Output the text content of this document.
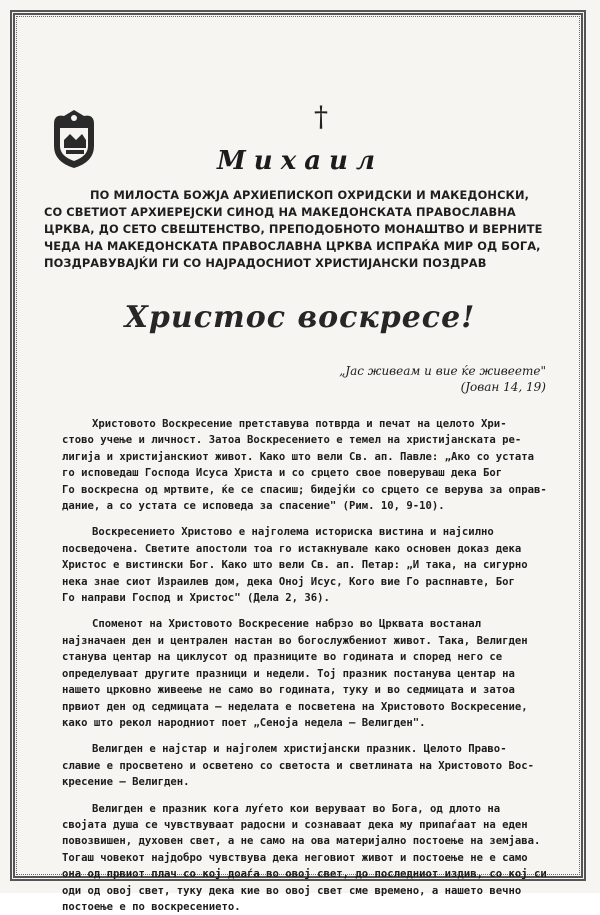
†
Михаил
ПО МИЛОСТА БОЖЈА АРХИЕПИСКОП ОХРИДСКИ И МАКЕДОНСКИ,
СО СВЕТИОТ АРХИЕРЕЈСКИ СИНОД НА МАКЕДОНСКАТА ПРАВОСЛАВНА
ЦРКВА, ДО СЕТО СВЕШТЕНСТВО, ПРЕПОДОБНОТО МОНАШТВО И ВЕРНИТЕ
ЧЕДА НА МАКЕДОНСКАТА ПРАВОСЛАВНА ЦРКВА ИСПРАЌА МИР ОД БОГА,
ПОЗДРАВУВАЈЌИ ГИ СО НАЈРАДОСНИОТ ХРИСТИЈАНСКИ ПОЗДРАВ
Христос воскресе!
„Јас живеам и вие ќе живеете"
(Јован 14, 19)
Христовото Воскресение претставува потврда и печат на целото Хри-
стово учење и личност. Затоа Воскресението е темел на христијанската ре-
лигија и христијанскиот живот. Како што вели Св. ап. Павле: „Ако со устата
го исповедаш Господа Исуса Христа и со срцето свое поверуваш дека Бог
Го воскресна од мртвите, ќе се спасиш; бидејќи со срцето се верува за оправ-
дание, а со устата се исповеда за спасение" (Рим. 10, 9-10).
Воскресението Христово е најголема историска вистина и најсилно
посведочена. Светите апостоли тоа го истакнувале како основен доказ дека
Христос е вистински Бог. Како што вели Св. ап. Петар: „И така, на сигурно
нека знае сиот Израилев дом, дека Оној Исус, Кого вие Го распнавте, Бог
Го направи Господ и Христос" (Дела 2, 36).
Споменот на Христовото Воскресение набрзо во Црквата востанал
најзначаен ден и централен настан во богослужбениот живот. Така, Велигден
станува центар на циклусот од празниците во годината и според него се
определуваат другите празници и недели. Тој празник постанува центар на
нашето црковно живеење не само во годината, туку и во седмицата и затоа
првиот ден од седмицата — неделата е посветена на Христовото Воскресение,
како што рекол народниот поет „Сеноја недела — Велигден".
Велигден е најстар и најголем христијански празник. Целото Право-
славие е просветено и осветено со светоста и светлината на Христовото Вос-
кресение — Велигден.
Велигден е празник кога луѓето кои веруваат во Бога, од длото на
својата душа се чувствуваат радосни и сознаваат дека му припаѓаат на еден
повозвишен, духовен свет, а не само на ова материјално постоење на земјава.
Тогаш човекот најдобро чувствува дека неговиот живот и постоење не е само
она од првиот плач со кој доаѓа во овој свет, до последниот издив, со кој си
оди од овој свет, туку дека кие во овој свет сме времено, а нашето вечно
постоење е по воскресението.
